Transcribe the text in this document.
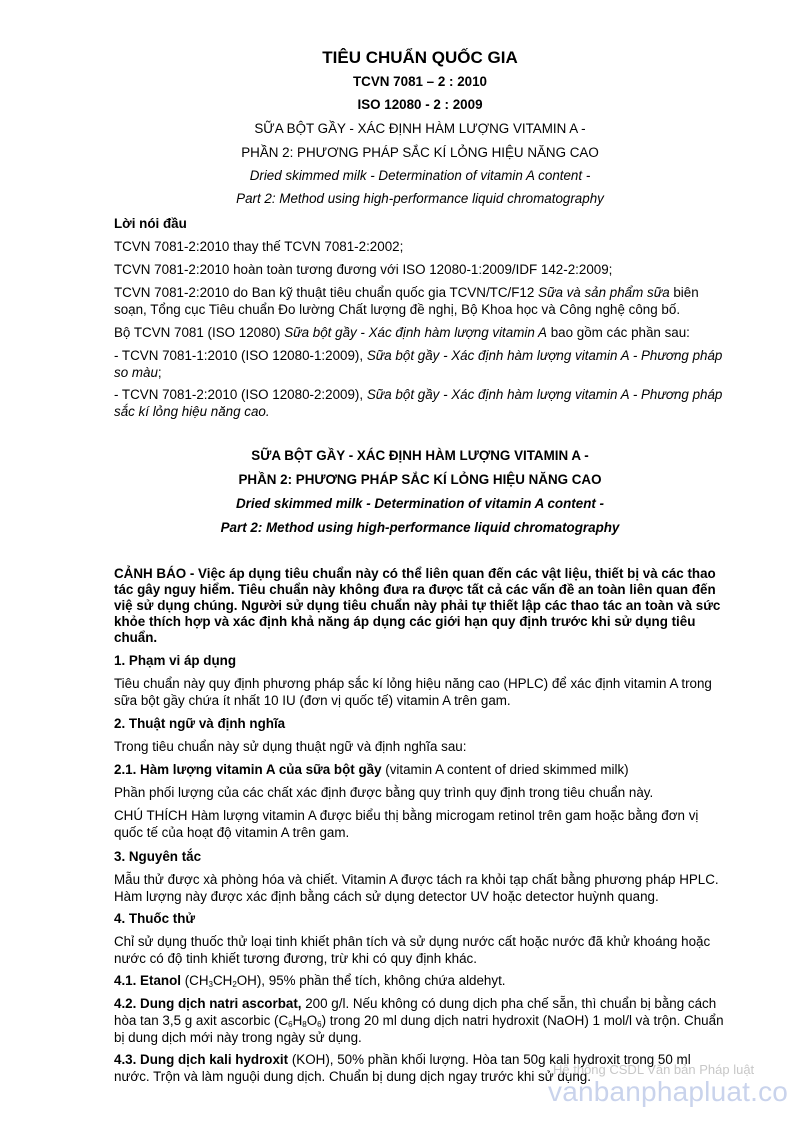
TIÊU CHUẨN QUỐC GIA
TCVN 7081 – 2 : 2010
ISO 12080 - 2 : 2009
SỮA BỘT GẦY - XÁC ĐỊNH HÀM LƯỢNG VITAMIN A -
PHẦN 2: PHƯƠNG PHÁP SẮC KÍ LỎNG HIỆU NĂNG CAO
Dried skimmed milk - Determination of vitamin A content -
Part 2: Method using high-performance liquid chromatography
Lời nói đầu
TCVN 7081-2:2010 thay thế TCVN 7081-2:2002;
TCVN 7081-2:2010 hoàn toàn tương đương với ISO 12080-1:2009/IDF 142-2:2009;
TCVN 7081-2:2010 do Ban kỹ thuật tiêu chuẩn quốc gia TCVN/TC/F12 Sữa và sản phẩm sữa biên soạn, Tổng cục Tiêu chuẩn Đo lường Chất lượng đề nghị, Bộ Khoa học và Công nghệ công bố.
Bộ TCVN 7081 (ISO 12080) Sữa bột gầy - Xác định hàm lượng vitamin A bao gồm các phần sau:
- TCVN 7081-1:2010 (ISO 12080-1:2009), Sữa bột gầy - Xác định hàm lượng vitamin A - Phương pháp so màu;
- TCVN 7081-2:2010 (ISO 12080-2:2009), Sữa bột gầy - Xác định hàm lượng vitamin A - Phương pháp sắc kí lỏng hiệu năng cao.
SỮA BỘT GẦY - XÁC ĐỊNH HÀM LƯỢNG VITAMIN A -
PHẦN 2: PHƯƠNG PHÁP SẮC KÍ LỎNG HIỆU NĂNG CAO
Dried skimmed milk - Determination of vitamin A content -
Part 2: Method using high-performance liquid chromatography
CẢNH BÁO - Việc áp dụng tiêu chuẩn này có thể liên quan đến các vật liệu, thiết bị và các thao tác gây nguy hiểm. Tiêu chuẩn này không đưa ra được tất cả các vấn đề an toàn liên quan đến việ sử dụng chúng. Người sử dụng tiêu chuẩn này phải tự thiết lập các thao tác an toàn và sức khỏe thích hợp và xác định khả năng áp dụng các giới hạn quy định trước khi sử dụng tiêu chuẩn.
1. Phạm vi áp dụng
Tiêu chuẩn này quy định phương pháp sắc kí lỏng hiệu năng cao (HPLC) để xác định vitamin A trong sữa bột gầy chứa ít nhất 10 IU (đơn vị quốc tế) vitamin A trên gam.
2. Thuật ngữ và định nghĩa
Trong tiêu chuẩn này sử dụng thuật ngữ và định nghĩa sau:
2.1. Hàm lượng vitamin A của sữa bột gầy (vitamin A content of dried skimmed milk)
Phần phối lượng của các chất xác định được bằng quy trình quy định trong tiêu chuẩn này.
CHÚ THÍCH Hàm lượng vitamin A được biểu thị bằng microgam retinol trên gam hoặc bằng đơn vị quốc tế của hoạt độ vitamin A trên gam.
3. Nguyên tắc
Mẫu thử được xà phòng hóa và chiết. Vitamin A được tách ra khỏi tạp chất bằng phương pháp HPLC. Hàm lượng này được xác định bằng cách sử dụng detector UV hoặc detector huỳnh quang.
4. Thuốc thử
Chỉ sử dụng thuốc thử loại tinh khiết phân tích và sử dụng nước cất hoặc nước đã khử khoáng hoặc nước có độ tinh khiết tương đương, trừ khi có quy định khác.
4.1. Etanol $(CH_3CH_2OH)$, 95% phần thể tích, không chứa aldehyt.
4.2. Dung dịch natri ascorbat, 200 g/l. Nếu không có dung dịch pha chế sẵn, thì chuẩn bị bằng cách hòa tan 3,5 g axit ascorbic $(C_6H_8O_6)$ trong 20 ml dung dịch natri hydroxit (NaOH) 1 mol/l và trộn. Chuẩn bị dung dịch mới này trong ngày sử dụng.
4.3. Dung dịch kali hydroxit (KOH), 50% phần khối lượng. Hòa tan 50g kali hydroxit trong 50 ml nước. Trộn và làm nguội dung dịch. Chuẩn bị dung dịch ngay trước khi sử dụng.
Hệ thống CSDL Văn bản Pháp luật
vanbanphapluat.co
